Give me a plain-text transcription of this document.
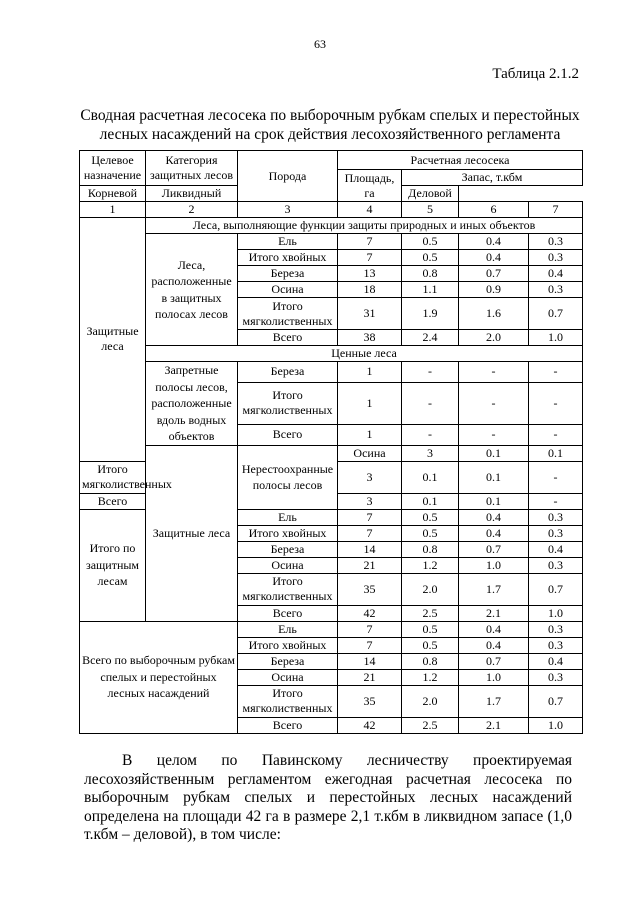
63
Таблица 2.1.2
Сводная расчетная лесосека по выборочным рубкам спелых и перестойных лесных насаждений на срок действия лесохозяйственного регламента
Целевое назначение	Категория защитных лесов	Порода	Расчетная лесосека				
			Площадь, га	Запас, т.кбм			
Корневой	Ликвидный			Деловой			
1	2	3	4	5	6	7	
Защитные леса	Леса, выполняющие функции защиты природных и иных объектов						
	Леса, расположенные в защитных полосах лесов	Ель	7	0.5	0.4	0.3	
		Итого хвойных	7	0.5	0.4	0.3	
		Береза	13	0.8	0.7	0.4	
		Осина	18	1.1	0.9	0.3	
		Итого мягколиственных	31	1.9	1.6	0.7	
		Всего	38	2.4	2.0	1.0	
	Ценные леса						
	Запретные полосы лесов, расположенные вдоль водных объектов	Береза	1	-	-	-	
		Итого мягколиственных	1	-	-	-	
		Всего	1	-	-	-	
	Защитные леса	Нерестоохранные полосы лесов	Осина	3	0.1	0.1	
Итого мягколиственных			3	0.1	0.1	-	
Всего			3	0.1	0.1	-	
Итого по защитным лесам		Ель	7	0.5	0.4	0.3	
		Итого хвойных	7	0.5	0.4	0.3	
		Береза	14	0.8	0.7	0.4	
		Осина	21	1.2	1.0	0.3	
		Итого мягколиственных	35	2.0	1.7	0.7	
		Всего	42	2.5	2.1	1.0	
Всего по выборочным рубкам спелых и перестойных лесных насаждений		Ель	7	0.5	0.4	0.3	
		Итого хвойных	7	0.5	0.4	0.3	
		Береза	14	0.8	0.7	0.4	
		Осина	21	1.2	1.0	0.3	
		Итого мягколиственных	35	2.0	1.7	0.7	
		Всего	42	2.5	2.1	1.0	
В целом по Павинскому лесничеству проектируемая лесохозяйственным регламентом ежегодная расчетная лесосека по выборочным рубкам спелых и перестойных лесных насаждений определена на площади 42 га в размере 2,1 т.кбм в ликвидном запасе (1,0 т.кбм – деловой), в том числе:
